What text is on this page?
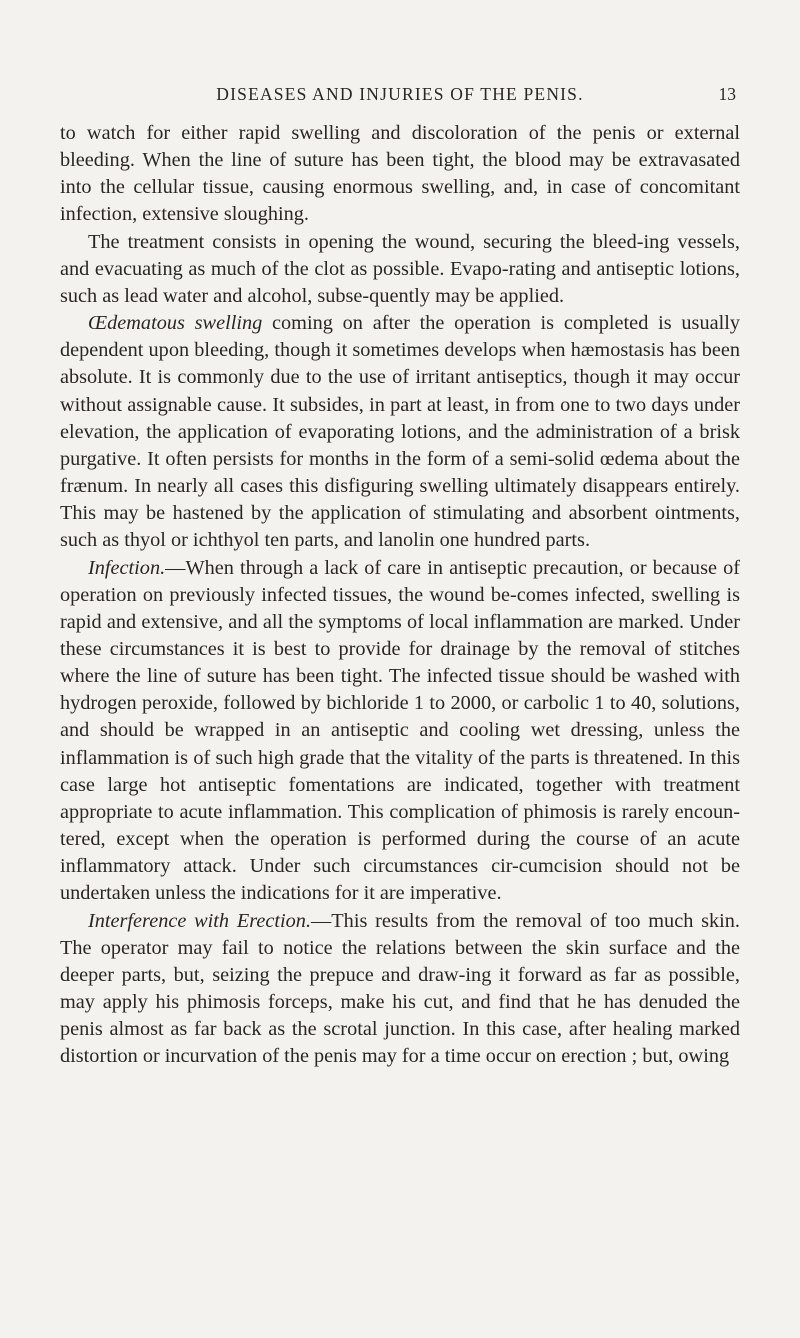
DISEASES AND INJURIES OF THE PENIS.	13

to watch for either rapid swelling and discoloration of the penis or external bleeding. When the line of suture has been tight, the blood may be extravasated into the cellular tissue, causing enormous swelling, and, in case of concomitant infection, extensive sloughing.

The treatment consists in opening the wound, securing the bleed-ing vessels, and evacuating as much of the clot as possible. Evapo-rating and antiseptic lotions, such as lead water and alcohol, subse-quently may be applied.

Œdematous swelling coming on after the operation is completed is usually dependent upon bleeding, though it sometimes develops when hæmostasis has been absolute. It is commonly due to the use of irritant antiseptics, though it may occur without assignable cause. It subsides, in part at least, in from one to two days under elevation, the application of evaporating lotions, and the administration of a brisk purgative. It often persists for months in the form of a semi-solid œdema about the frænum. In nearly all cases this disfiguring swelling ultimately disappears entirely. This may be hastened by the application of stimulating and absorbent ointments, such as thyol or ichthyol ten parts, and lanolin one hundred parts.

Infection.—When through a lack of care in antiseptic precaution, or because of operation on previously infected tissues, the wound be-comes infected, swelling is rapid and extensive, and all the symptoms of local inflammation are marked. Under these circumstances it is best to provide for drainage by the removal of stitches where the line of suture has been tight. The infected tissue should be washed with hydrogen peroxide, followed by bichloride 1 to 2000, or carbolic 1 to 40, solutions, and should be wrapped in an antiseptic and cooling wet dressing, unless the inflammation is of such high grade that the vitality of the parts is threatened. In this case large hot antiseptic fomentations are indicated, together with treatment appropriate to acute inflammation. This complication of phimosis is rarely encoun-tered, except when the operation is performed during the course of an acute inflammatory attack. Under such circumstances cir-cumcision should not be undertaken unless the indications for it are imperative.

Interference with Erection.—This results from the removal of too much skin. The operator may fail to notice the relations between the skin surface and the deeper parts, but, seizing the prepuce and draw-ing it forward as far as possible, may apply his phimosis forceps, make his cut, and find that he has denuded the penis almost as far back as the scrotal junction. In this case, after healing marked distortion or incurvation of the penis may for a time occur on erection ; but, owing
